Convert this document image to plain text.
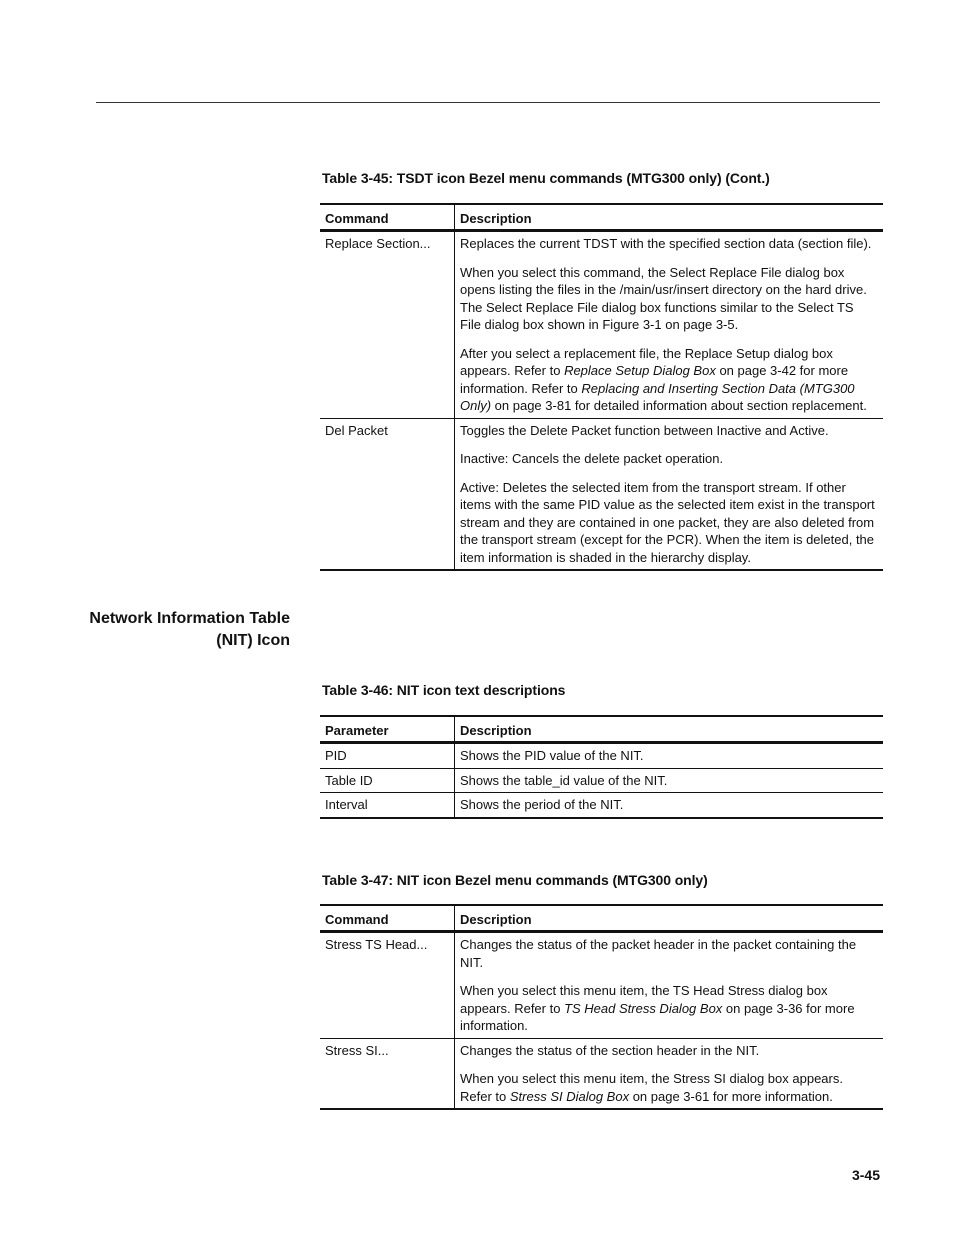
Table 3-45: TSDT icon Bezel menu commands (MTG300 only) (Cont.)
Command	Description
Replace Section...	Replaces the current TDST with the specified section data (section file).

When you select this command, the Select Replace File dialog box opens listing the files in the /main/usr/insert directory on the hard drive. The Select Replace File dialog box functions similar to the Select TS File dialog box shown in Figure 3-1 on page 3-5.

After you select a replacement file, the Replace Setup dialog box appears. Refer to Replace Setup Dialog Box on page 3-42 for more information. Refer to Replacing and Inserting Section Data (MTG300 Only) on page 3-81 for detailed information about section replacement.

Del Packet	Toggles the Delete Packet function between Inactive and Active.

Inactive: Cancels the delete packet operation.

Active: Deletes the selected item from the transport stream. If other items with the same PID value as the selected item exist in the transport stream and they are contained in one packet, they are also deleted from the transport stream (except for the PCR). When the item is deleted, the item information is shaded in the hierarchy display.

Network Information Table
(NIT) Icon
Table 3-46: NIT icon text descriptions
Parameter	Description
PID	Shows the PID value of the NIT.
Table ID	Shows the table_id value of the NIT.
Interval	Shows the period of the NIT.
Table 3-47: NIT icon Bezel menu commands (MTG300 only)
Command	Description
Stress TS Head...	Changes the status of the packet header in the packet containing the NIT.

When you select this menu item, the TS Head Stress dialog box appears. Refer to TS Head Stress Dialog Box on page 3-36 for more information.

Stress SI...	Changes the status of the section header in the NIT.

When you select this menu item, the Stress SI dialog box appears. Refer to Stress SI Dialog Box on page 3-61 for more information.

3-45
